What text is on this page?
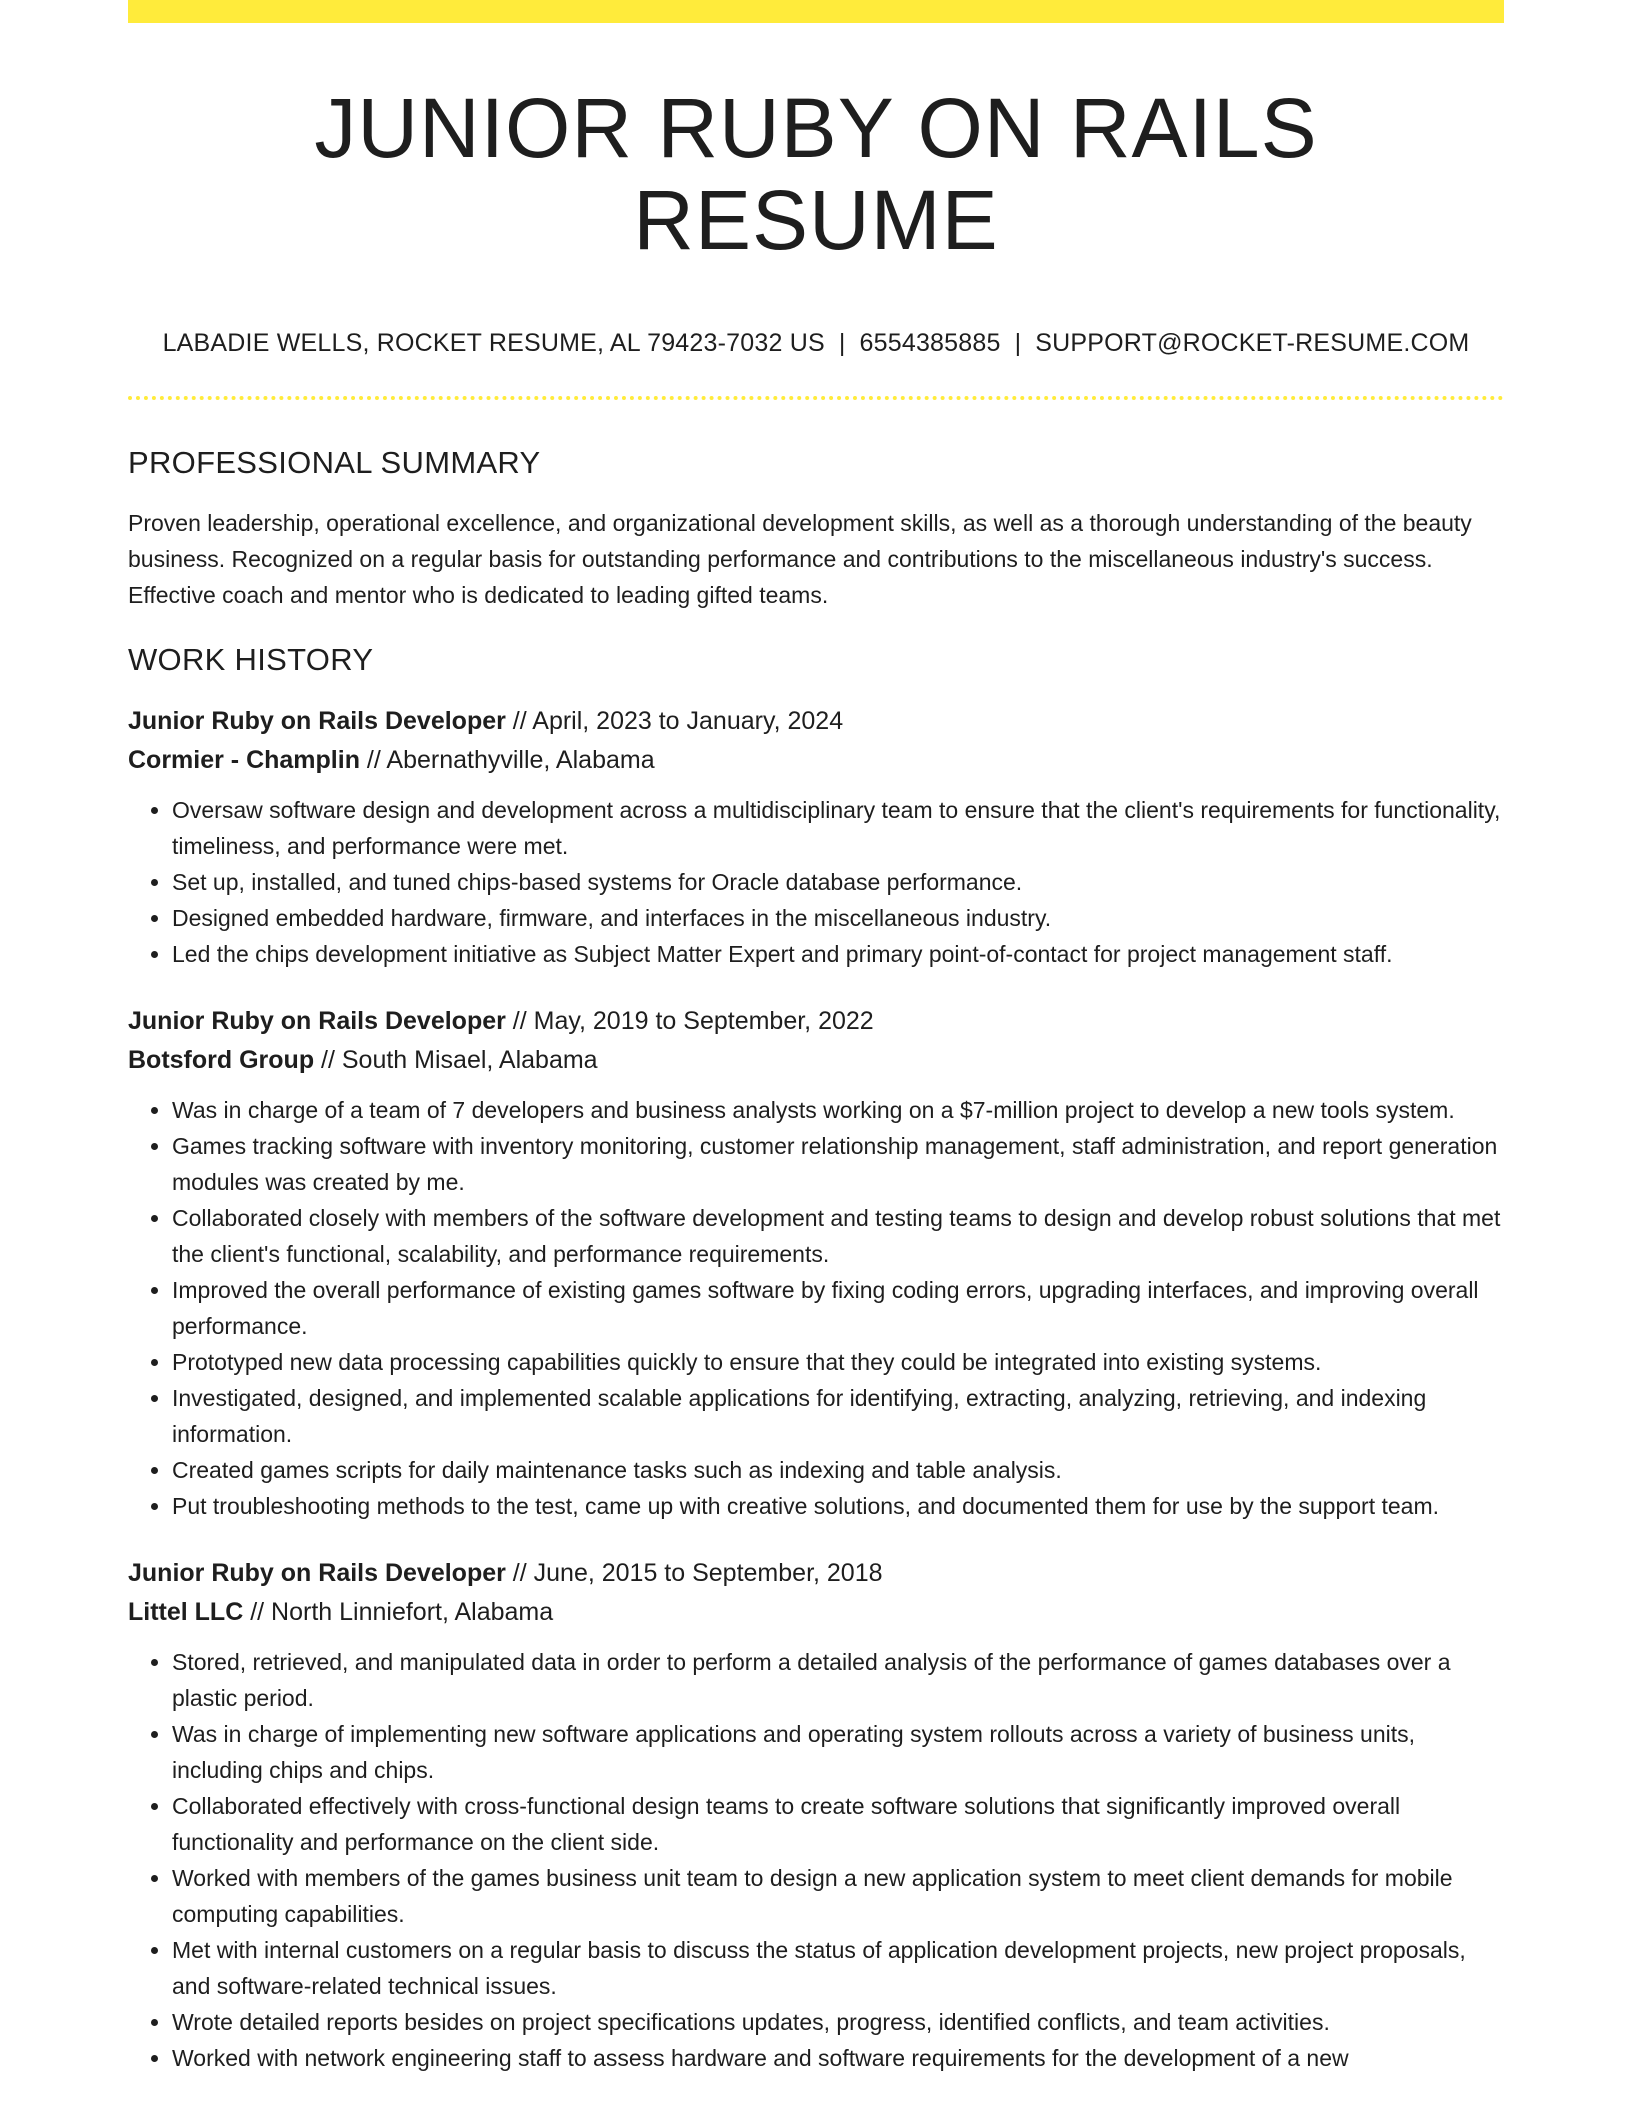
JUNIOR RUBY ON RAILS RESUME
LABADIE WELLS, ROCKET RESUME, AL 79423-7032 US | 6554385885 | SUPPORT@ROCKET-RESUME.COM
PROFESSIONAL SUMMARY
Proven leadership, operational excellence, and organizational development skills, as well as a thorough understanding of the beauty business. Recognized on a regular basis for outstanding performance and contributions to the miscellaneous industry's success. Effective coach and mentor who is dedicated to leading gifted teams.
WORK HISTORY
Junior Ruby on Rails Developer // April, 2023 to January, 2024
Cormier - Champlin // Abernathyville, Alabama
• Oversaw software design and development across a multidisciplinary team to ensure that the client's requirements for functionality, timeliness, and performance were met.
• Set up, installed, and tuned chips-based systems for Oracle database performance.
• Designed embedded hardware, firmware, and interfaces in the miscellaneous industry.
• Led the chips development initiative as Subject Matter Expert and primary point-of-contact for project management staff.
Junior Ruby on Rails Developer // May, 2019 to September, 2022
Botsford Group // South Misael, Alabama
• Was in charge of a team of 7 developers and business analysts working on a $7-million project to develop a new tools system.
• Games tracking software with inventory monitoring, customer relationship management, staff administration, and report generation modules was created by me.
• Collaborated closely with members of the software development and testing teams to design and develop robust solutions that met the client's functional, scalability, and performance requirements.
• Improved the overall performance of existing games software by fixing coding errors, upgrading interfaces, and improving overall performance.
• Prototyped new data processing capabilities quickly to ensure that they could be integrated into existing systems.
• Investigated, designed, and implemented scalable applications for identifying, extracting, analyzing, retrieving, and indexing information.
• Created games scripts for daily maintenance tasks such as indexing and table analysis.
• Put troubleshooting methods to the test, came up with creative solutions, and documented them for use by the support team.
Junior Ruby on Rails Developer // June, 2015 to September, 2018
Littel LLC // North Linniefort, Alabama
• Stored, retrieved, and manipulated data in order to perform a detailed analysis of the performance of games databases over a plastic period.
• Was in charge of implementing new software applications and operating system rollouts across a variety of business units, including chips and chips.
• Collaborated effectively with cross-functional design teams to create software solutions that significantly improved overall functionality and performance on the client side.
• Worked with members of the games business unit team to design a new application system to meet client demands for mobile computing capabilities.
• Met with internal customers on a regular basis to discuss the status of application development projects, new project proposals, and software-related technical issues.
• Wrote detailed reports besides on project specifications updates, progress, identified conflicts, and team activities.
• Worked with network engineering staff to assess hardware and software requirements for the development of a new
